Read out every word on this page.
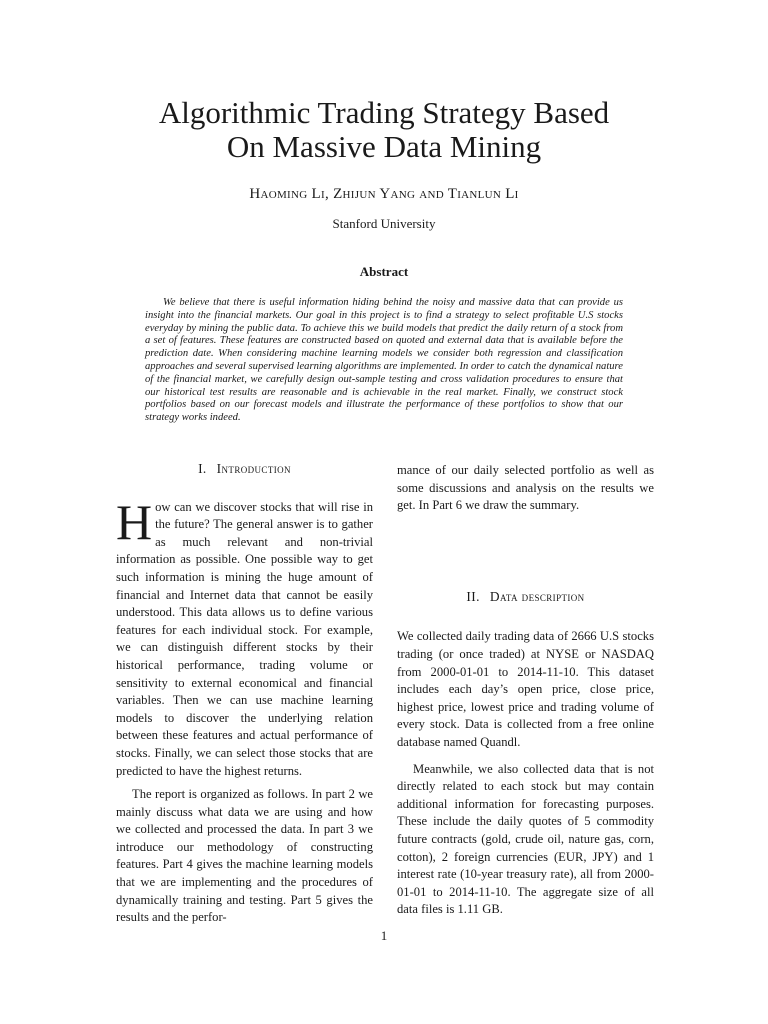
Algorithmic Trading Strategy Based
On Massive Data Mining
Haoming Li, Zhijun Yang and Tianlun Li
Stanford University
Abstract

We believe that there is useful information hiding behind the noisy and massive data that can provide us insight into the financial markets. Our goal in this project is to find a strategy to select profitable U.S stocks everyday by mining the public data. To achieve this we build models that predict the daily return of a stock from a set of features. These features are constructed based on quoted and external data that is available before the prediction date. When considering machine learning models we consider both regression and classification approaches and several supervised learning algorithms are implemented. In order to catch the dynamical nature of the financial market, we carefully design out-sample testing and cross validation procedures to ensure that our historical test results are reasonable and is achievable in the real market. Finally, we construct stock portfolios based on our forecast models and illustrate the performance of these portfolios to show that our strategy works indeed.

I. Introduction

How can we discover stocks that will rise in the future? The general answer is to gather as much relevant and non-trivial information as possible. One possible way to get such information is mining the huge amount of financial and Internet data that cannot be easily understood. This data allows us to define various features for each individual stock. For example, we can distinguish different stocks by their historical performance, trading volume or sensitivity to external economical and financial variables. Then we can use machine learning models to discover the underlying relation between these features and actual performance of stocks. Finally, we can select those stocks that are predicted to have the highest returns.

The report is organized as follows. In part 2 we mainly discuss what data we are using and how we collected and processed the data. In part 3 we introduce our methodology of constructing features. Part 4 gives the machine learning models that we are implementing and the procedures of dynamically training and testing. Part 5 gives the results and the perfor-

mance of our daily selected portfolio as well as some discussions and analysis on the results we get. In Part 6 we draw the summary.

II. Data description

We collected daily trading data of 2666 U.S stocks trading (or once traded) at NYSE or NASDAQ from 2000-01-01 to 2014-11-10. This dataset includes each day’s open price, close price, highest price, lowest price and trading volume of every stock. Data is collected from a free online database named Quandl.

Meanwhile, we also collected data that is not directly related to each stock but may contain additional information for forecasting purposes. These include the daily quotes of 5 commodity future contracts (gold, crude oil, nature gas, corn, cotton), 2 foreign currencies (EUR, JPY) and 1 interest rate (10-year treasury rate), all from 2000-01-01 to 2014-11-10. The aggregate size of all data files is 1.11 GB.

1
